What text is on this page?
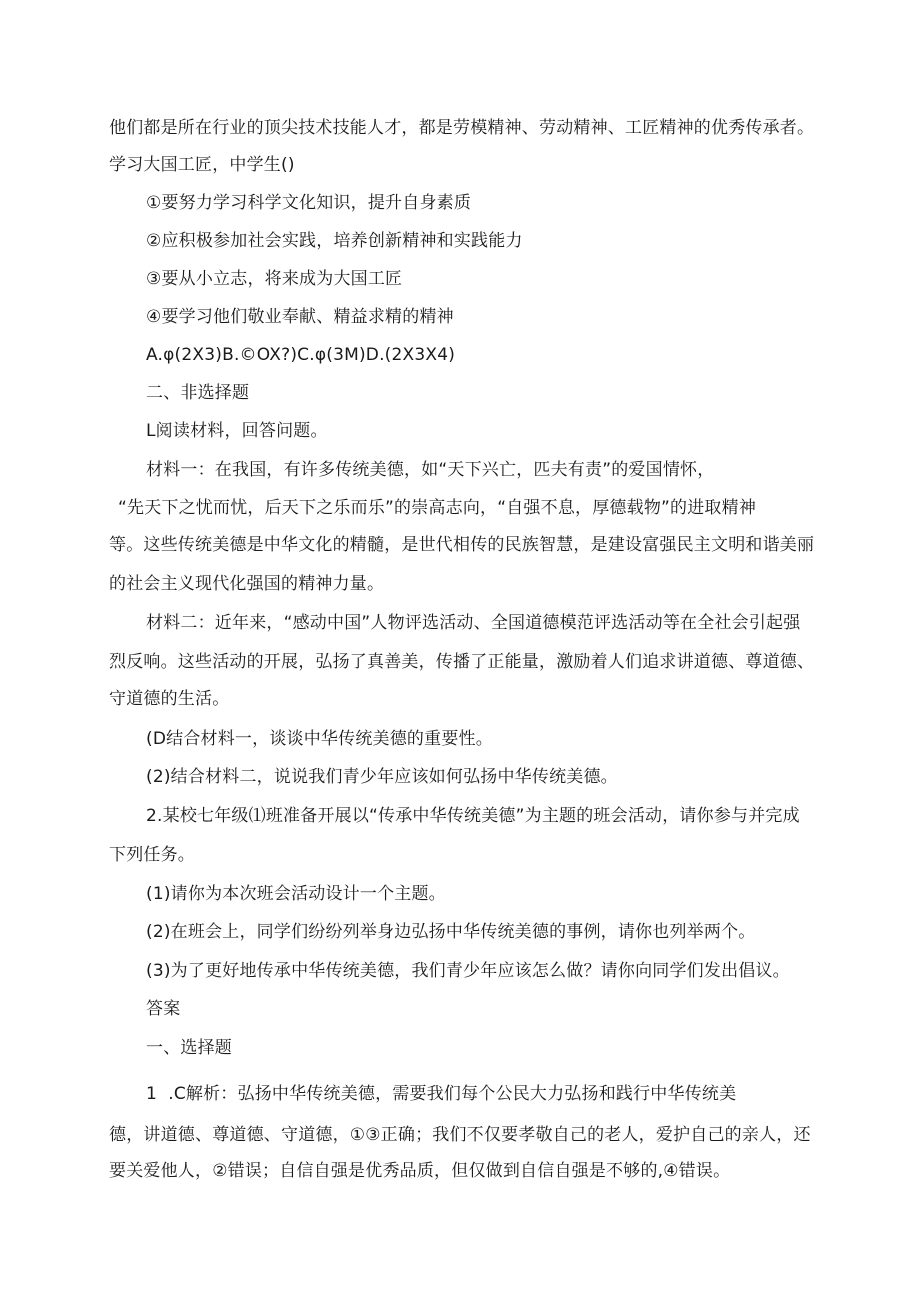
他们都是所在行业的顶尖技术技能人才，都是劳模精神、劳动精神、工匠精神的优秀传承者。
学习大国工匠，中学生()
①要努力学习科学文化知识，提升自身素质
②应积极参加社会实践，培养创新精神和实践能力
③要从小立志，将来成为大国工匠
④要学习他们敬业奉献、精益求精的精神
A.φ(2X3)B.©OX?)C.φ(3M)D.(2X3X4)
二、非选择题
L阅读材料，回答问题。
材料一：在我国，有许多传统美德，如“天下兴亡，匹夫有责”的爱国情怀，
“先天下之忧而忧，后天下之乐而乐”的崇高志向，“自强不息，厚德载物”的进取精神
等。这些传统美德是中华文化的精髓，是世代相传的民族智慧，是建设富强民主文明和谐美丽
的社会主义现代化强国的精神力量。
材料二：近年来，“感动中国”人物评选活动、全国道德模范评选活动等在全社会引起强
烈反响。这些活动的开展，弘扬了真善美，传播了正能量，激励着人们追求讲道德、尊道德、
守道德的生活。
(D结合材料一，谈谈中华传统美德的重要性。
(2)结合材料二，说说我们青少年应该如何弘扬中华传统美德。
2.某校七年级⑴班准备开展以“传承中华传统美德”为主题的班会活动，请你参与并完成
下列任务。
(1)请你为本次班会活动设计一个主题。
(2)在班会上，同学们纷纷列举身边弘扬中华传统美德的事例，请你也列举两个。
(3)为了更好地传承中华传统美德，我们青少年应该怎么做？请你向同学们发出倡议。
答案
一、选择题
1  .C解析：弘扬中华传统美德，需要我们每个公民大力弘扬和践行中华传统美
德，讲道德、尊道德、守道德，①③正确；我们不仅要孝敬自己的老人，爱护自己的亲人，还
要关爱他人，②错误；自信自强是优秀品质，但仅做到自信自强是不够的,④错误。
